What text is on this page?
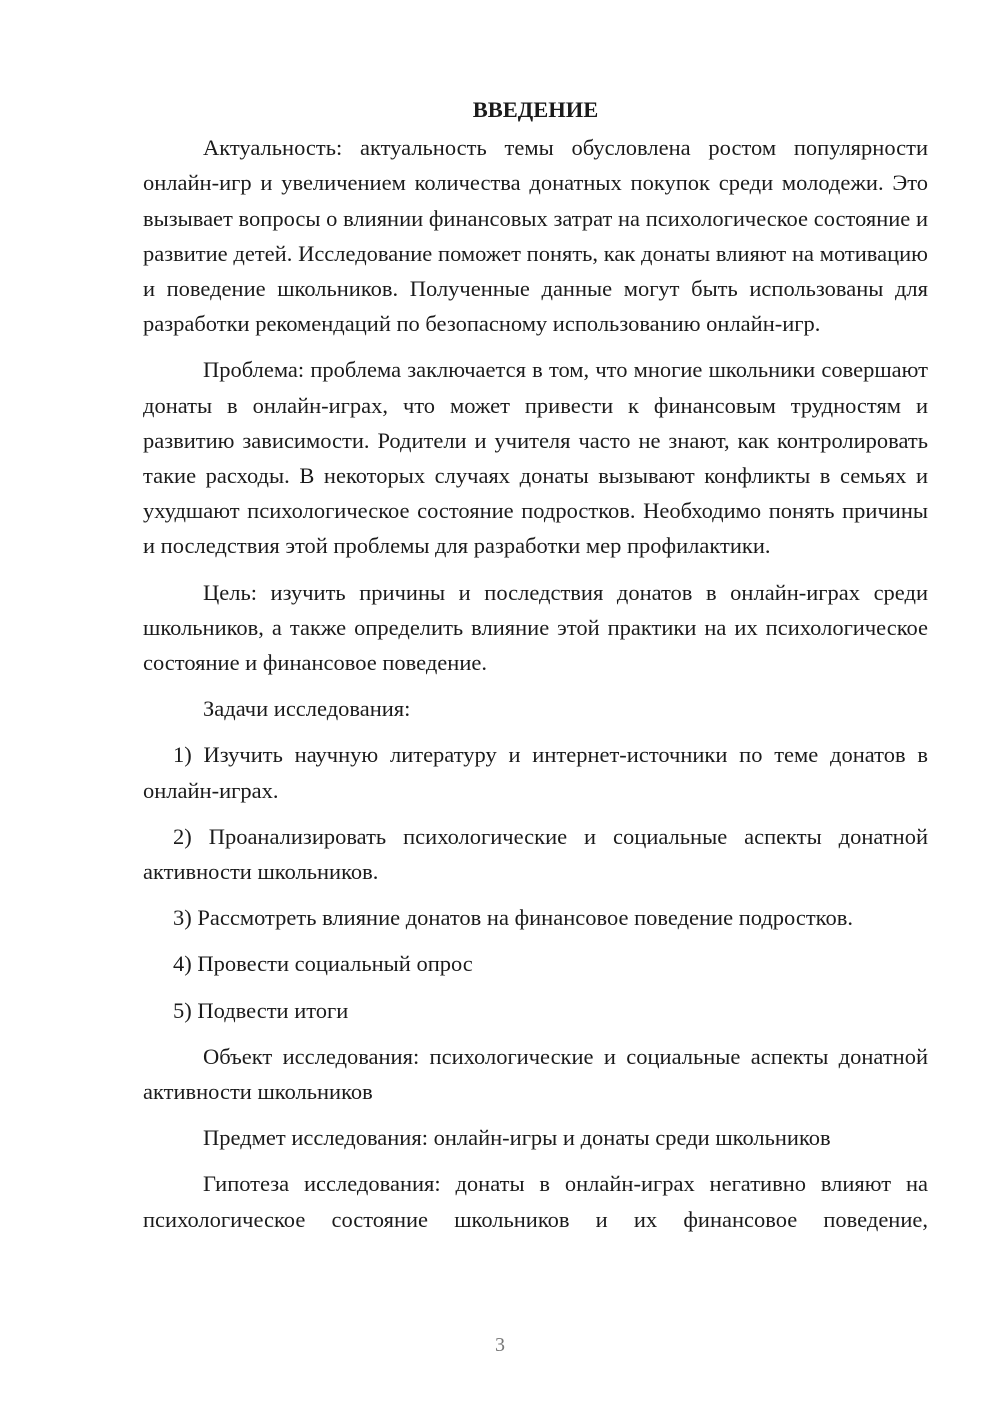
ВВЕДЕНИЕ

Актуальность: актуальность темы обусловлена ростом популярности онлайн-игр и увеличением количества донатных покупок среди молодежи. Это вызывает вопросы о влиянии финансовых затрат на психологическое состояние и развитие детей. Исследование поможет понять, как донаты влияют на мотивацию и поведение школьников. Полученные данные могут быть использованы для разработки рекомендаций по безопасному использованию онлайн-игр.

Проблема: проблема заключается в том, что многие школьники совершают донаты в онлайн-играх, что может привести к финансовым трудностям и развитию зависимости. Родители и учителя часто не знают, как контролировать такие расходы. В некоторых случаях донаты вызывают конфликты в семьях и ухудшают психологическое состояние подростков. Необходимо понять причины и последствия этой проблемы для разработки мер профилактики.

Цель: изучить причины и последствия донатов в онлайн-играх среди школьников, а также определить влияние этой практики на их психологическое состояние и финансовое поведение.

Задачи исследования:

1) Изучить научную литературу и интернет-источники по теме донатов в онлайн-играх.

2) Проанализировать психологические и социальные аспекты донатной активности школьников.

3) Рассмотреть влияние донатов на финансовое поведение подростков.

4) Провести социальный опрос

5) Подвести итоги

Объект исследования: психологические и социальные аспекты донатной активности школьников

Предмет исследования: онлайн-игры и донаты среди школьников

Гипотеза исследования: донаты в онлайн-играх негативно влияют на психологическое состояние школьников и их финансовое поведение,

3
